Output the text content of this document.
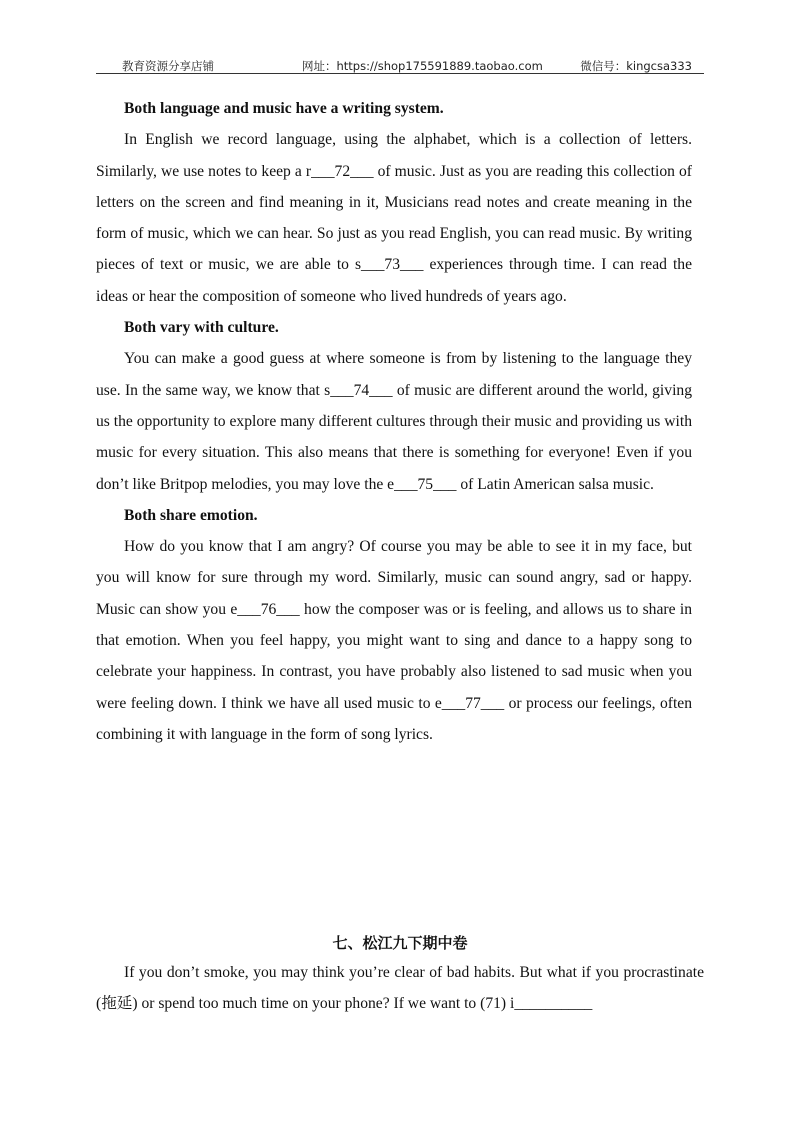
教育资源分享店铺	网址：https://shop175591889.taobao.com	微信号：kingcsa333

Both language and music have a writing system.

In English we record language, using the alphabet, which is a collection of letters. Similarly, we use notes to keep a r___72___ of music. Just as you are reading this collection of letters on the screen and find meaning in it, Musicians read notes and create meaning in the form of music, which we can hear. So just as you read English, you can read music. By writing pieces of text or music, we are able to s___73___ experiences through time. I can read the ideas or hear the composition of someone who lived hundreds of years ago.

Both vary with culture.

You can make a good guess at where someone is from by listening to the language they use. In the same way, we know that s___74___ of music are different around the world, giving us the opportunity to explore many different cultures through their music and providing us with music for every situation. This also means that there is something for everyone! Even if you don’t like Britpop melodies, you may love the e___75___ of Latin American salsa music.

Both share emotion.

How do you know that I am angry? Of course you may be able to see it in my face, but you will know for sure through my word. Similarly, music can sound angry, sad or happy. Music can show you e___76___ how the composer was or is feeling, and allows us to share in that emotion. When you feel happy, you might want to sing and dance to a happy song to celebrate your happiness. In contrast, you have probably also listened to sad music when you were feeling down. I think we have all used music to e___77___ or process our feelings, often combining it with language in the form of song lyrics.

七、松江九下期中卷

If you don’t smoke, you may think you’re clear of bad habits. But what if you procrastinate (拖延) or spend too much time on your phone? If we want to (71) i__________
